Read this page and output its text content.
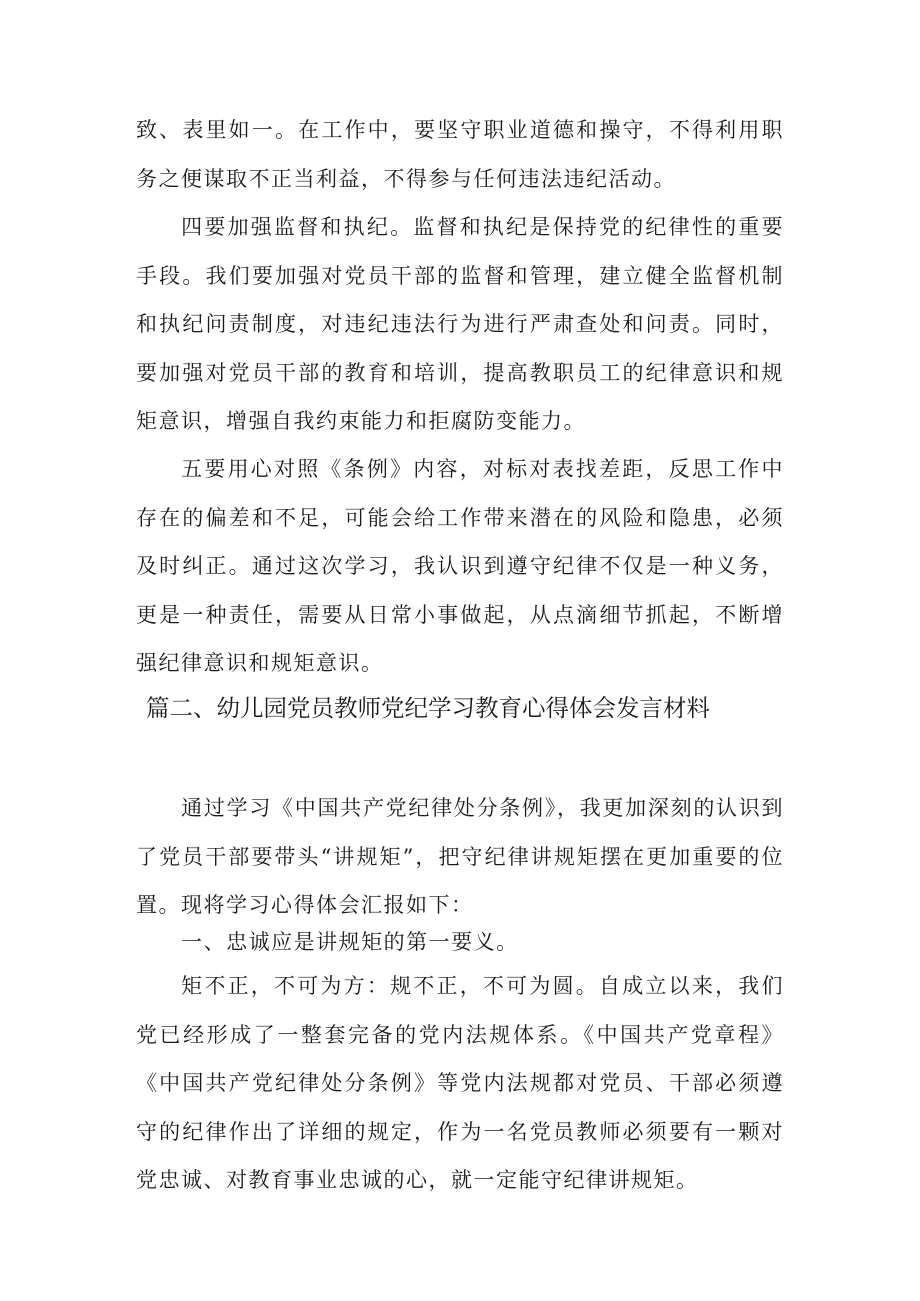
致、表里如一。在工作中，要坚守职业道德和操守，不得利用职务之便谋取不正当利益，不得参与任何违法违纪活动。

四要加强监督和执纪。监督和执纪是保持党的纪律性的重要手段。我们要加强对党员干部的监督和管理，建立健全监督机制和执纪问责制度，对违纪违法行为进行严肃查处和问责。同时，要加强对党员干部的教育和培训，提高教职员工的纪律意识和规矩意识，增强自我约束能力和拒腐防变能力。

五要用心对照《条例》内容，对标对表找差距，反思工作中存在的偏差和不足，可能会给工作带来潜在的风险和隐患，必须及时纠正。通过这次学习，我认识到遵守纪律不仅是一种义务，更是一种责任，需要从日常小事做起，从点滴细节抓起，不断增强纪律意识和规矩意识。

篇二、幼儿园党员教师党纪学习教育心得体会发言材料

通过学习《中国共产党纪律处分条例》，我更加深刻的认识到了党员干部要带头“讲规矩”，把守纪律讲规矩摆在更加重要的位置。现将学习心得体会汇报如下：

一、忠诚应是讲规矩的第一要义。

矩不正，不可为方：规不正，不可为圆。自成立以来，我们党已经形成了一整套完备的党内法规体系。《中国共产党章程》《中国共产党纪律处分条例》等党内法规都对党员、干部必须遵守的纪律作出了详细的规定，作为一名党员教师必须要有一颗对党忠诚、对教育事业忠诚的心，就一定能守纪律讲规矩。
